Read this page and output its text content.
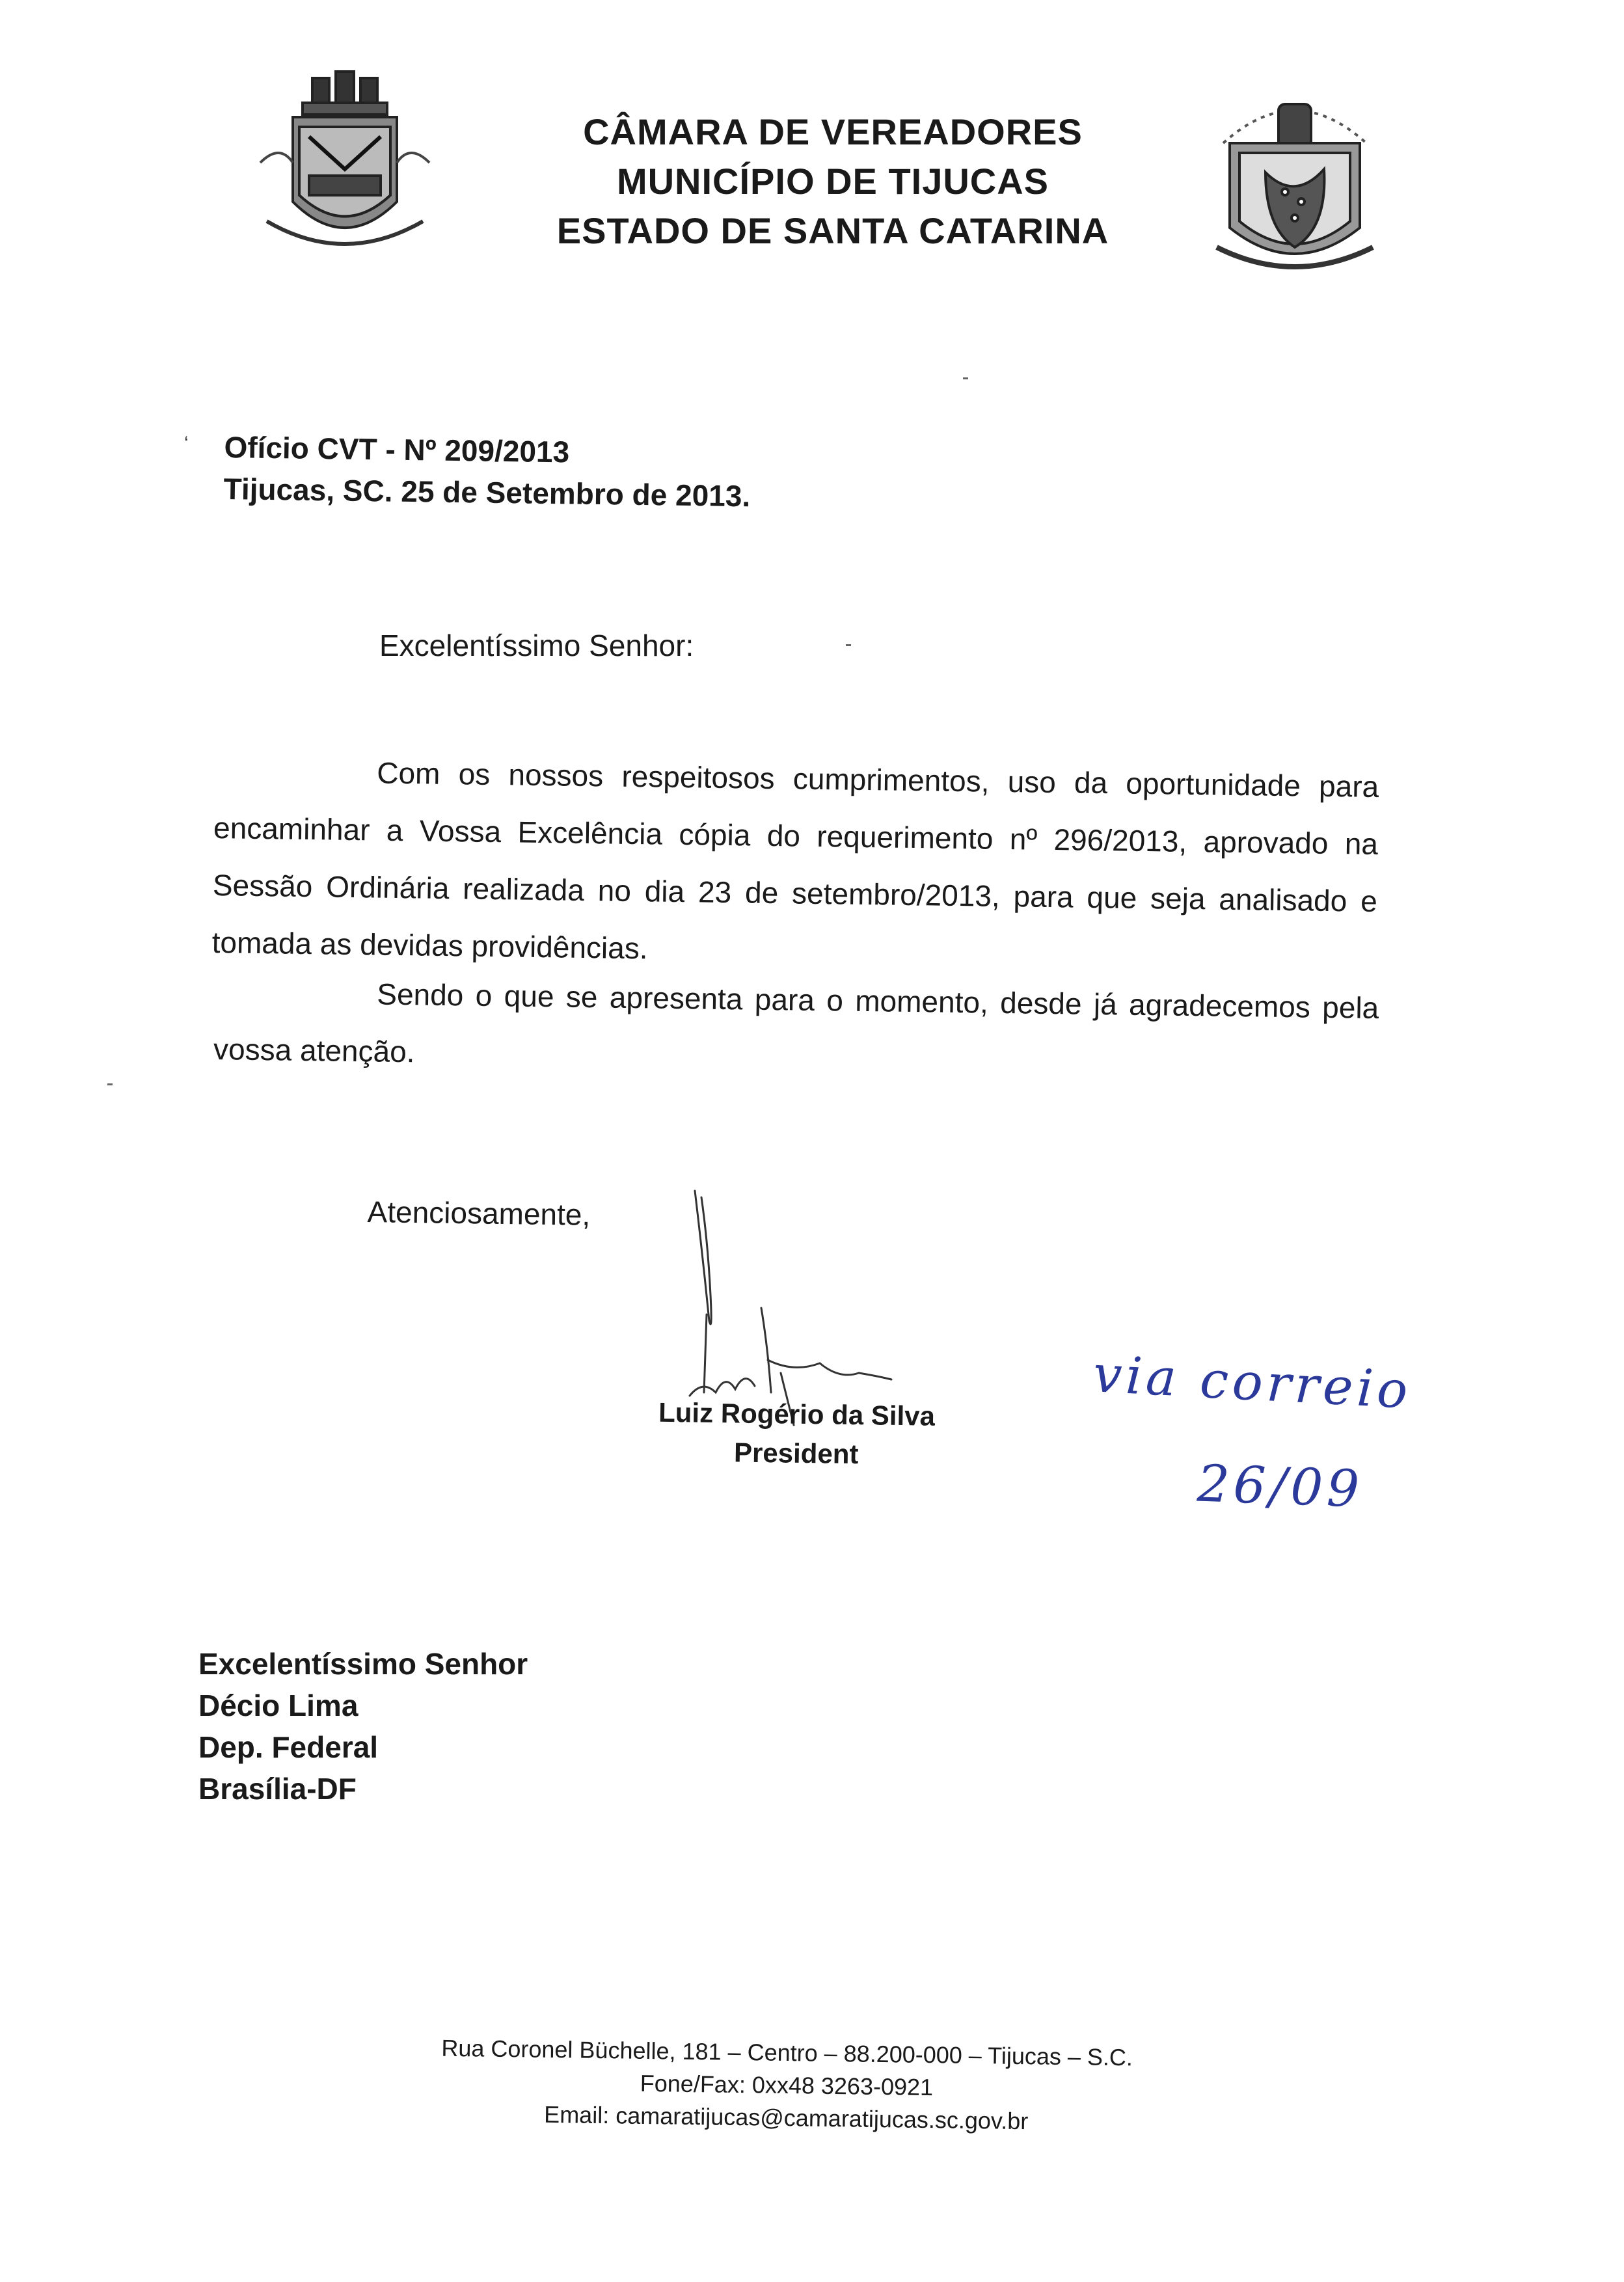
CÂMARA DE VEREADORES
MUNICÍPIO DE TIJUCAS
ESTADO DE SANTA CATARINA
‘ Ofício CVT - Nº 209/2013
Tijucas, SC. 25 de Setembro de 2013.
Excelentíssimo Senhor:
Com os nossos respeitosos cumprimentos, uso da oportunidade para encaminhar a Vossa Excelência cópia do requerimento nº 296/2013, aprovado na Sessão Ordinária realizada no dia 23 de setembro/2013, para que seja analisado e tomada as devidas providências.
Sendo o que se apresenta para o momento, desde já agradecemos pela vossa atenção.
Atenciosamente,
Luiz Rogério da Silva
President
via correio
26/09
Excelentíssimo Senhor
Décio Lima
Dep. Federal
Brasília-DF
Rua Coronel Büchelle, 181 – Centro – 88.200-000 – Tijucas – S.C.
Fone/Fax: 0xx48 3263-0921
Email: camaratijucas@camaratijucas.sc.gov.br
